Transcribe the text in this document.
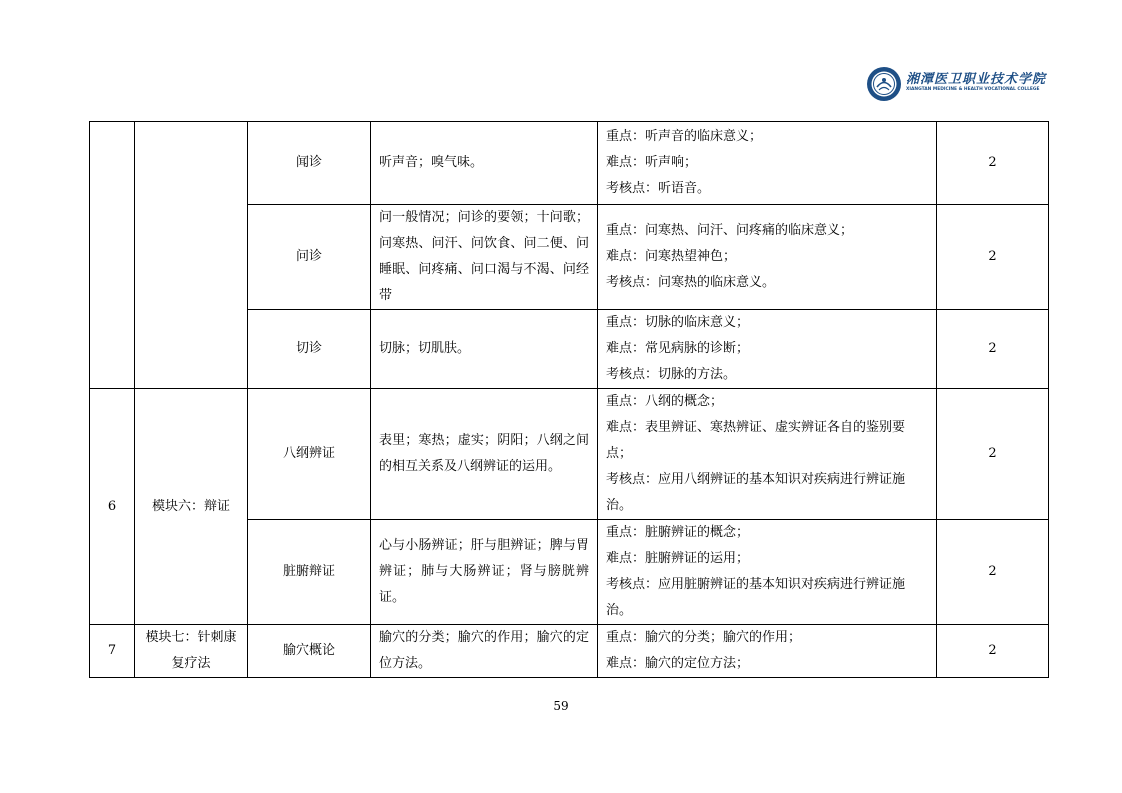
湘潭医卫职业技术学院
XIANGTAN MEDICINE & HEALTH VOCATIONAL COLLEGE
		闻诊	听声音；嗅气味。	重点：听声音的临床意义；
难点：听声响；
考核点：听语音。	2
		问诊	问一般情况；问诊的要领；十问歌；问寒热、问汗、问饮食、问二便、问睡眠、问疼痛、问口渴与不渴、问经带	重点：问寒热、问汗、问疼痛的临床意义；
难点：问寒热望神色；
考核点：问寒热的临床意义。	2
		切诊	切脉；切肌肤。	重点：切脉的临床意义；
难点：常见病脉的诊断；
考核点：切脉的方法。	2
6	模块六：辩证	八纲辨证	表里；寒热；虚实；阴阳；八纲之间的相互关系及八纲辨证的运用。	重点：八纲的概念；
难点：表里辨证、寒热辨证、虚实辨证各自的鉴别要
点；
考核点：应用八纲辨证的基本知识对疾病进行辨证施
治。	2
		脏腑辩证	心与小肠辨证；肝与胆辨证；脾与胃辨证；肺与大肠辨证；肾与膀胱辨证。	重点：脏腑辨证的概念；
难点：脏腑辨证的运用；
考核点：应用脏腑辨证的基本知识对疾病进行辨证施
治。	2
7	模块七：针刺康
复疗法	腧穴概论	腧穴的分类；腧穴的作用；腧穴的定位方法。	重点：腧穴的分类；腧穴的作用；
难点：腧穴的定位方法；	2
59
